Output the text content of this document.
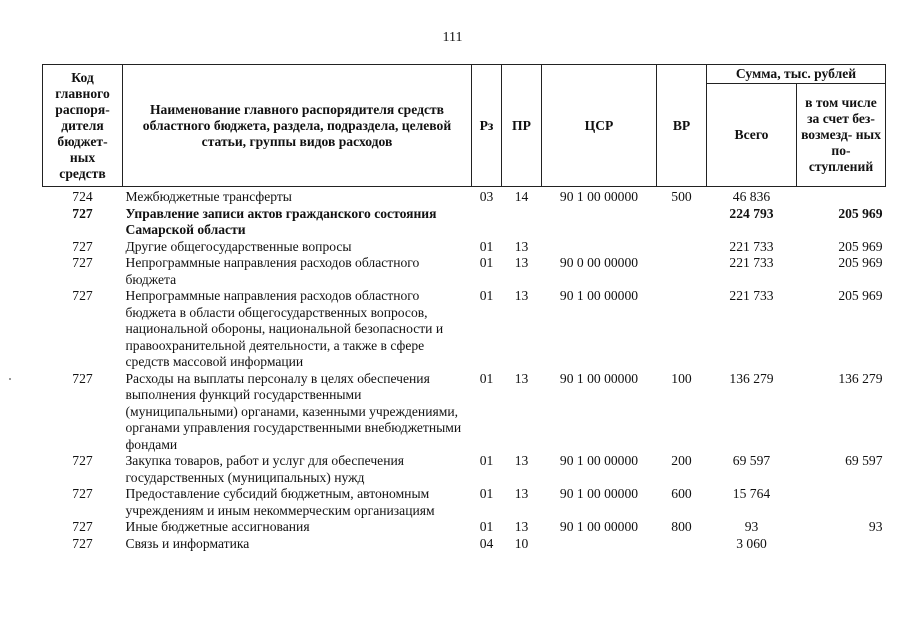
111
Код главного распоря- дителя бюджет- ных средств	Наименование главного распорядителя средств областного бюджета, раздела, подраздела, целевой статьи, группы видов расходов	Рз	ПР	ЦСР	ВР	Сумма, тыс. рублей	
						Всего	в том числе за счет без- возмезд- ных по- ступлений
724	Межбюджетные трансферты	03	14	90 1 00 00000	500	46 836	
727	Управление записи актов гражданского состояния Самарской области					224 793	205 969
727	Другие общегосударственные вопросы	01	13			221 733	205 969
727	Непрограммные направления расходов областного бюджета	01	13	90 0 00 00000		221 733	205 969
727	Непрограммные направления расходов областного бюджета в области общегосударственных вопросов, национальной обороны, национальной безопасности и правоохранительной деятельности, а также в сфере средств массовой информации	01	13	90 1 00 00000		221 733	205 969
727	Расходы на выплаты персоналу в целях обеспечения выполнения функций государственными (муниципальными) органами, казенными учреждениями, органами управления государственными внебюджетными фондами	01	13	90 1 00 00000	100	136 279	136 279
727	Закупка товаров, работ и услуг для обеспечения государственных (муниципальных) нужд	01	13	90 1 00 00000	200	69 597	69 597
727	Предоставление субсидий бюджетным, автономным учреждениям и иным некоммерческим организациям	01	13	90 1 00 00000	600	15 764	
727	Иные бюджетные ассигнования	01	13	90 1 00 00000	800	93	93
727	Связь и информатика	04	10			3 060	
